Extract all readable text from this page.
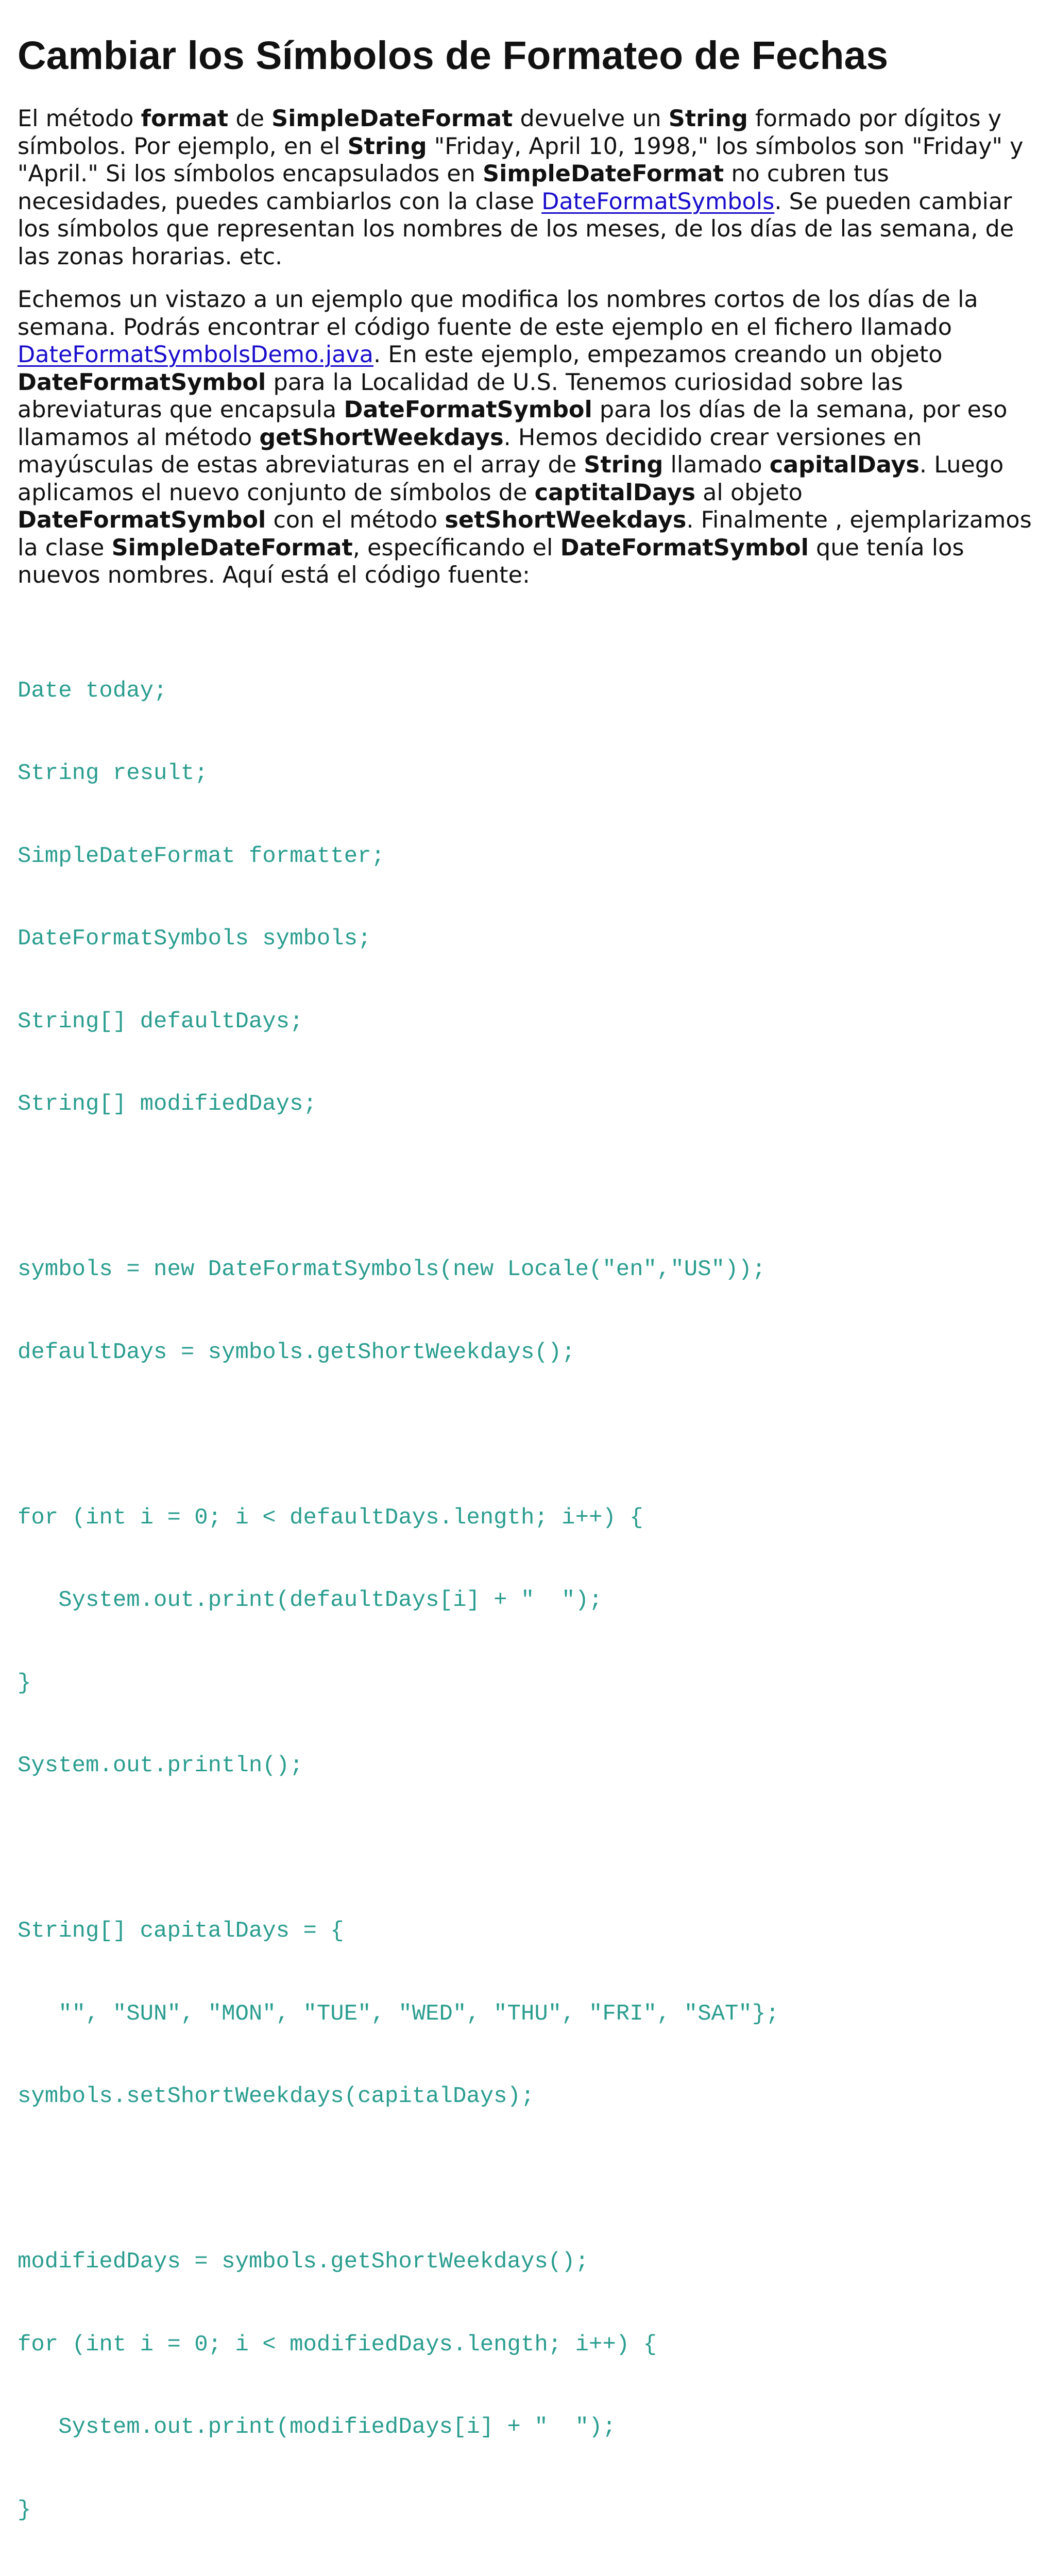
Cambiar los Símbolos de Formateo de Fechas

El método format de SimpleDateFormat devuelve un String formado por dígitos y símbolos. Por ejemplo, en el String "Friday, April 10, 1998," los símbolos son "Friday" y "April." Si los símbolos encapsulados en SimpleDateFormat no cubren tus necesidades, puedes cambiarlos con la clase DateFormatSymbols. Se pueden cambiar los símbolos que representan los nombres de los meses, de los días de las semana, de las zonas horarias. etc.

Echemos un vistazo a un ejemplo que modifica los nombres cortos de los días de la semana. Podrás encontrar el código fuente de este ejemplo en el fichero llamado DateFormatSymbolsDemo.java. En este ejemplo, empezamos creando un objeto DateFormatSymbol para la Localidad de U.S. Tenemos curiosidad sobre las abreviaturas que encapsula DateFormatSymbol para los días de la semana, por eso llamamos al método getShortWeekdays. Hemos decidido crear versiones en mayúsculas de estas abreviaturas en el array de String llamado capitalDays. Luego aplicamos el nuevo conjunto de símbolos de captitalDays al objeto DateFormatSymbol con el método setShortWeekdays. Finalmente , ejemplarizamos la clase SimpleDateFormat, específicando el DateFormatSymbol que tenía los nuevos nombres. Aquí está el código fuente:

Date today;

String result;

SimpleDateFormat formatter;

DateFormatSymbols symbols;

String[] defaultDays;

String[] modifiedDays;

symbols = new DateFormatSymbols(new Locale("en","US"));

defaultDays = symbols.getShortWeekdays();

for (int i = 0; i < defaultDays.length; i++) {

System.out.print(defaultDays[i] + "  ");

}

System.out.println();

String[] capitalDays = {

"", "SUN", "MON", "TUE", "WED", "THU", "FRI", "SAT"};

symbols.setShortWeekdays(capitalDays);

modifiedDays = symbols.getShortWeekdays();

for (int i = 0; i < modifiedDays.length; i++) {

System.out.print(modifiedDays[i] + "  ");

}
